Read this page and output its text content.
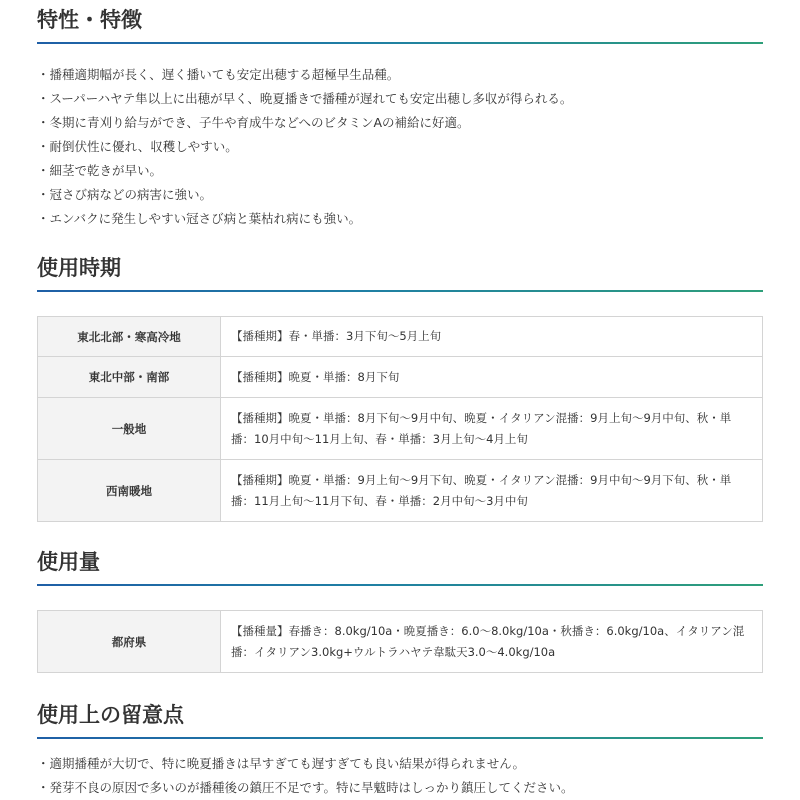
特性・特徴
・播種適期幅が長く、遅く播いても安定出穂する超極早生品種。
・スーパーハヤテ隼以上に出穂が早く、晩夏播きで播種が遅れても安定出穂し多収が得られる。
・冬期に青刈り給与ができ、子牛や育成牛などへのビタミンAの補給に好適。
・耐倒伏性に優れ、収穫しやすい。
・細茎で乾きが早い。
・冠さび病などの病害に強い。
・エンバクに発生しやすい冠さび病と葉枯れ病にも強い。
使用時期
東北北部・寒高冷地	【播種期】春・単播：3月下旬〜5月上旬
東北中部・南部	【播種期】晩夏・単播：8月下旬
一般地	【播種期】晩夏・単播：8月下旬〜9月中旬、晩夏・イタリアン混播：9月上旬〜9月中旬、秋・単播：10月中旬〜11月上旬、春・単播：3月上旬〜4月上旬
西南暖地	【播種期】晩夏・単播：9月上旬〜9月下旬、晩夏・イタリアン混播：9月中旬〜9月下旬、秋・単播：11月上旬〜11月下旬、春・単播：2月中旬〜3月中旬
使用量
都府県	【播種量】春播き：8.0kg/10a・晩夏播き：6.0〜8.0kg/10a・秋播き：6.0kg/10a、イタリアン混播：イタリアン3.0kg+ウルトラハヤテ韋駄天3.0〜4.0kg/10a
使用上の留意点
・適期播種が大切で、特に晩夏播きは早すぎても遅すぎても良い結果が得られません。
・発芽不良の原因で多いのが播種後の鎮圧不足です。特に旱魃時はしっかり鎮圧してください。
